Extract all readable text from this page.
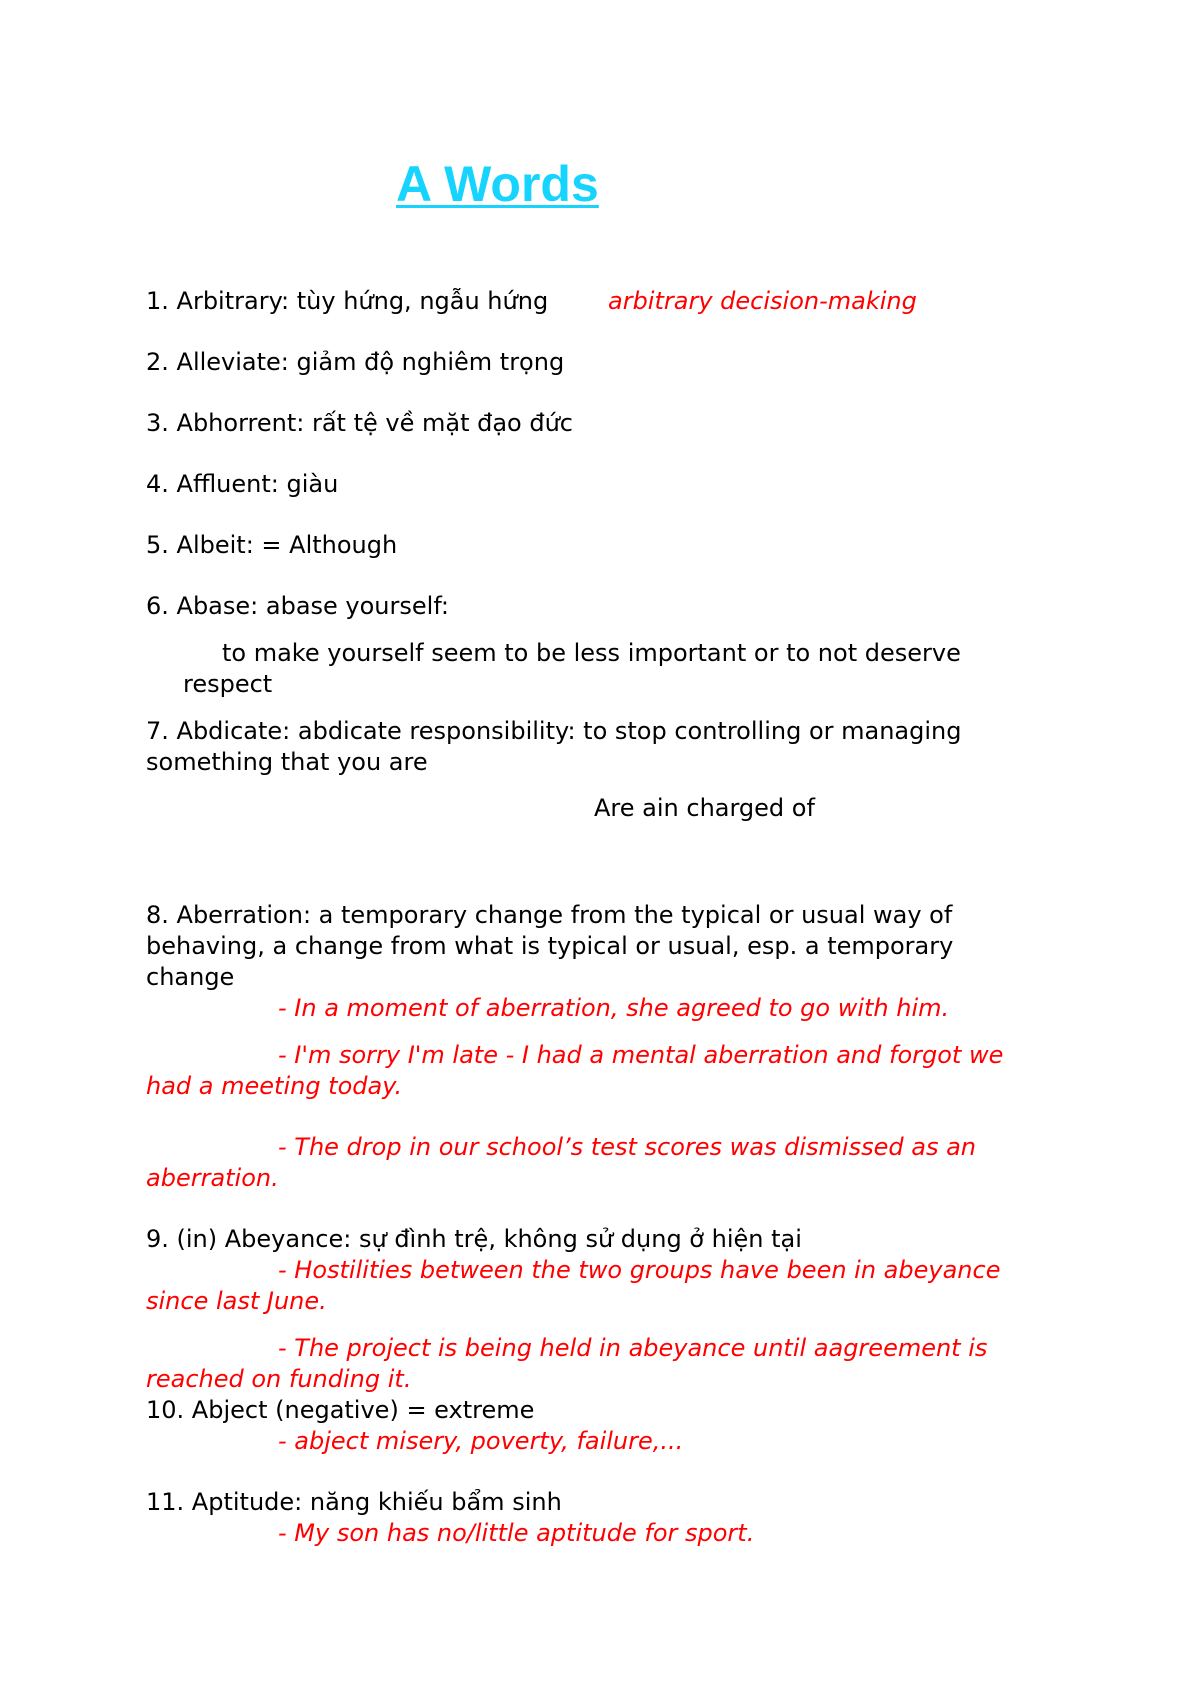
A Words
1. Arbitrary: tùy hứng, ngẫu hứng arbitrary decision-making
2. Alleviate: giảm độ nghiêm trọng
3. Abhorrent: rất tệ về mặt đạo đức
4. Affluent: giàu
5. Albeit: = Although
6. Abase: abase yourself:
to make yourself seem to be less important or to not deserve
respect
7. Abdicate: abdicate responsibility: to stop controlling or managing
something that you are
Are ain charged of
8. Aberration: a temporary change from the typical or usual way of
behaving, a change from what is typical or usual, esp. a temporary
change
- In a moment of aberration, she agreed to go with him.
- I'm sorry I'm late - I had a mental aberration and forgot we
had a meeting today.
- The drop in our school’s test scores was dismissed as an
aberration.
9. (in) Abeyance: sự đình trệ, không sử dụng ở hiện tại
- Hostilities between the two groups have been in abeyance
since last June.
- The project is being held in abeyance until aagreement is
reached on funding it.
10. Abject (negative) = extreme
- abject misery, poverty, failure,...
11. Aptitude: năng khiếu bẩm sinh
- My son has no/little aptitude for sport.
